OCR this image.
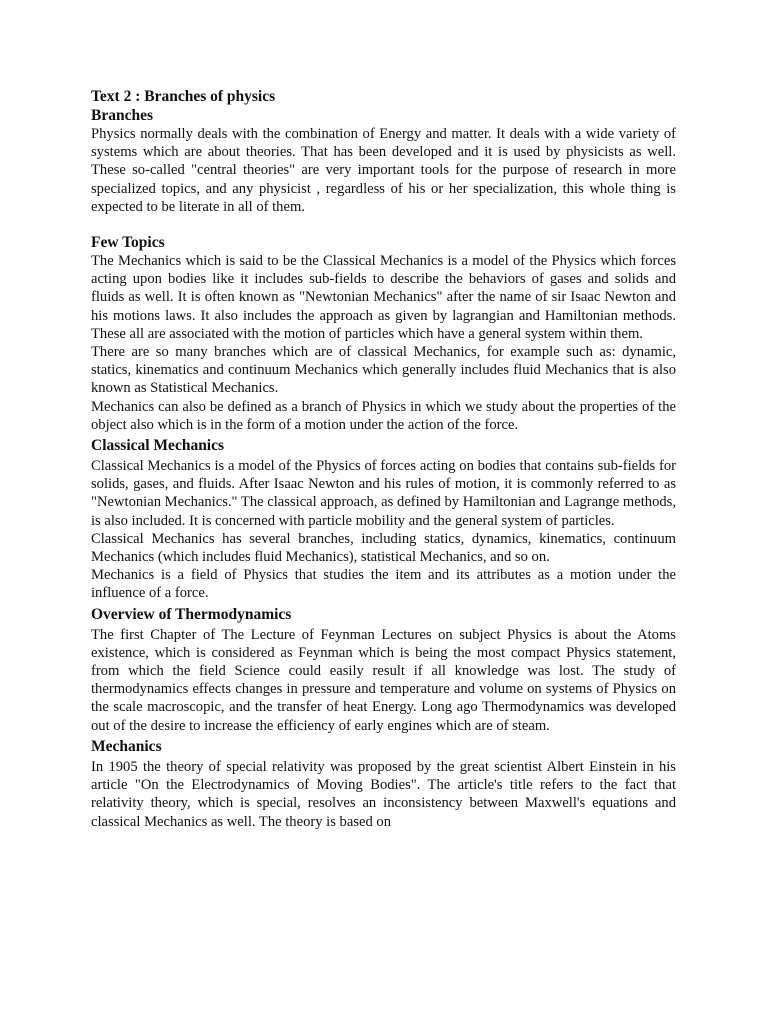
Text 2 : Branches of physics
Branches

Physics normally deals with the combination of Energy and matter. It deals with a wide variety of systems which are about theories. That has been developed and it is used by physicists as well. These so-called "central theories" are very important tools for the purpose of research in more specialized topics, and any physicist , regardless of his or her specialization, this whole thing is expected to be literate in all of them.

Few Topics

The Mechanics which is said to be the Classical Mechanics is a model of the Physics which forces acting upon bodies like it includes sub-fields to describe the behaviors of gases and solids and fluids as well. It is often known as "Newtonian Mechanics" after the name of sir Isaac Newton and his motions laws. It also includes the approach as given by lagrangian and Hamiltonian methods. These all are associated with the motion of particles which have a general system within them.

There are so many branches which are of classical Mechanics, for example such as: dynamic, statics, kinematics and continuum Mechanics which generally includes fluid Mechanics that is also known as Statistical Mechanics.

Mechanics can also be defined as a branch of Physics in which we study about the properties of the object also which is in the form of a motion under the action of the force.

Classical Mechanics

Classical Mechanics is a model of the Physics of forces acting on bodies that contains sub-fields for solids, gases, and fluids. After Isaac Newton and his rules of motion, it is commonly referred to as "Newtonian Mechanics." The classical approach, as defined by Hamiltonian and Lagrange methods, is also included. It is concerned with particle mobility and the general system of particles.

Classical Mechanics has several branches, including statics, dynamics, kinematics, continuum Mechanics (which includes fluid Mechanics), statistical Mechanics, and so on.

Mechanics is a field of Physics that studies the item and its attributes as a motion under the influence of a force.

Overview of Thermodynamics

The first Chapter of The Lecture of Feynman Lectures on subject Physics is about the Atoms existence, which is considered as Feynman which is being the most compact Physics statement, from which the field Science could easily result if all knowledge was lost. The study of thermodynamics effects changes in pressure and temperature and volume on systems of Physics on the scale macroscopic, and the transfer of heat Energy. Long ago Thermodynamics was developed out of the desire to increase the efficiency of early engines which are of steam.

Mechanics

In 1905 the theory of special relativity was proposed by the great scientist Albert Einstein in his article "On the Electrodynamics of Moving Bodies". The article's title refers to the fact that relativity theory, which is special, resolves an inconsistency between Maxwell's equations and classical Mechanics as well. The theory is based on
